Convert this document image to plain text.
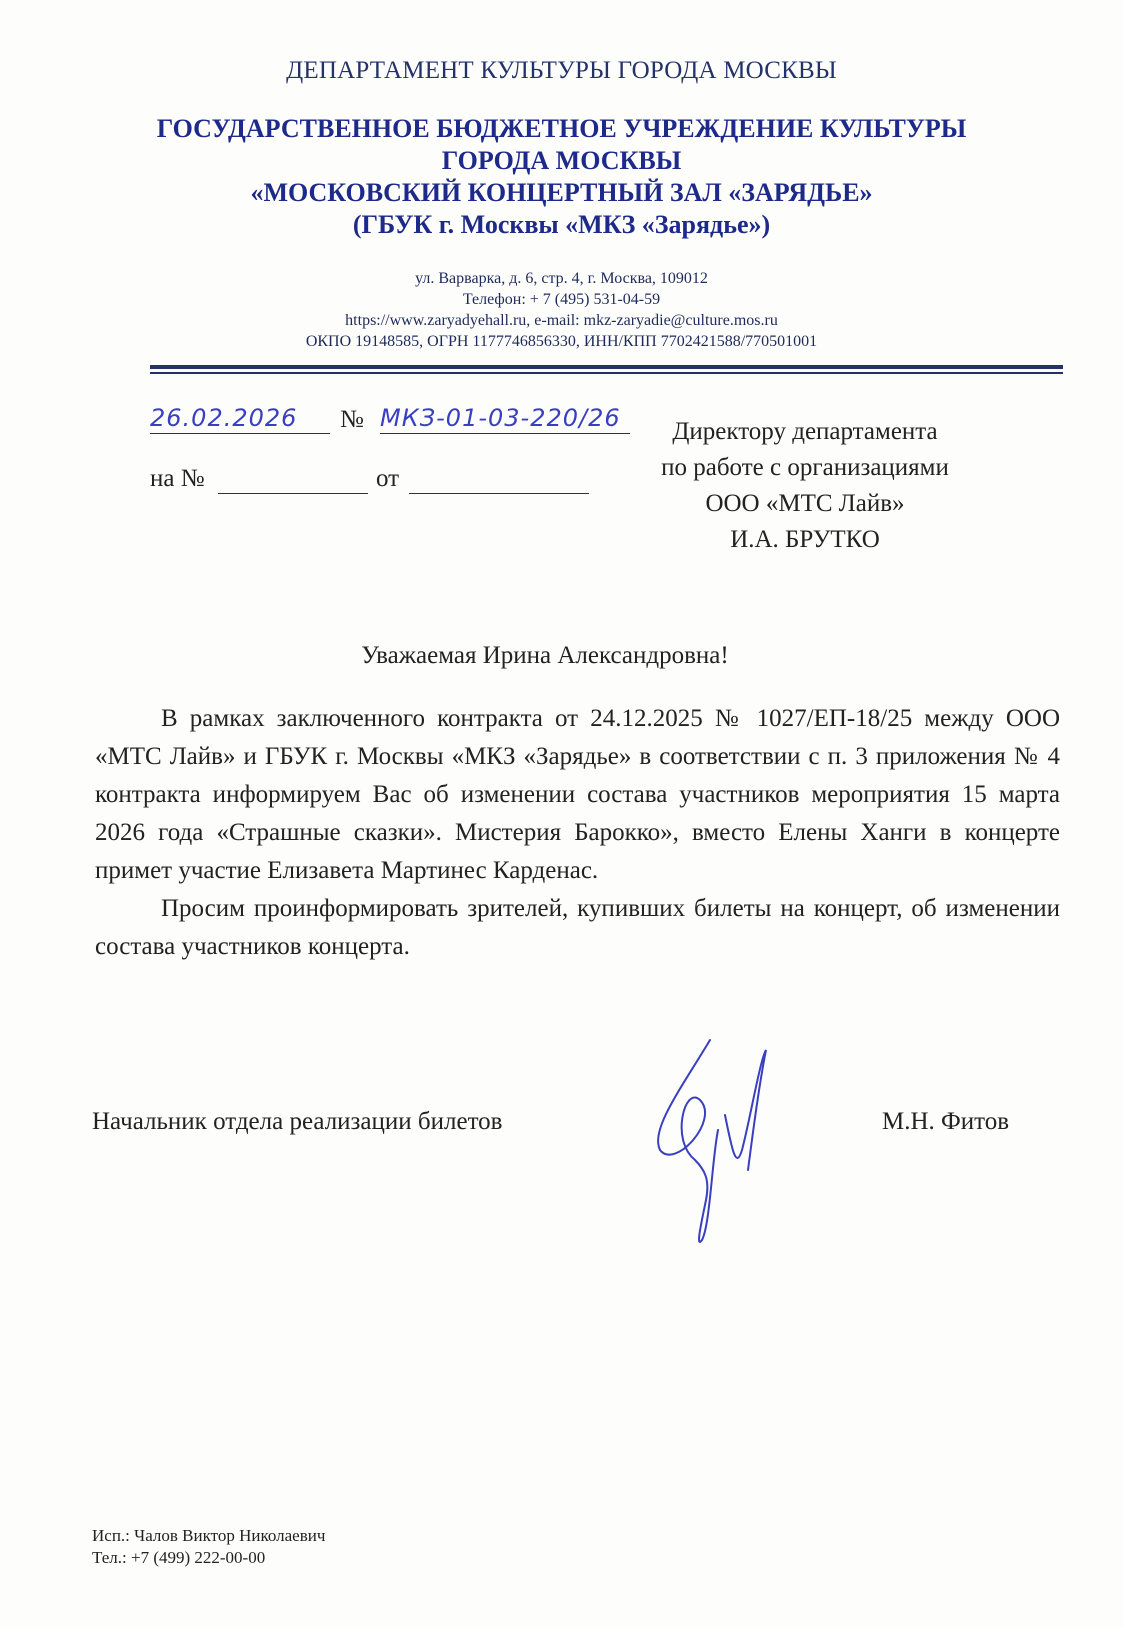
ДЕПАРТАМЕНТ КУЛЬТУРЫ ГОРОДА МОСКВЫ
ГОСУДАРСТВЕННОЕ БЮДЖЕТНОЕ УЧРЕЖДЕНИЕ КУЛЬТУРЫ
ГОРОДА МОСКВЫ
«МОСКОВСКИЙ КОНЦЕРТНЫЙ ЗАЛ «ЗАРЯДЬЕ»
(ГБУК г. Москвы «МКЗ «Зарядье»)
ул. Варварка, д. 6, стр. 4, г. Москва, 109012
Телефон: + 7 (495) 531-04-59
https://www.zaryadyehall.ru, e-mail: mkz-zaryadie@culture.mos.ru
ОКПО 19148585, ОГРН 1177746856330, ИНН/КПП 7702421588/770501001
26.02.2026	№ МКЗ-01-03-220/26
на №	от
Директору департамента
по работе с организациями
ООО «МТС Лайв»
И.А. БРУТКО
Уважаемая Ирина Александровна!

В рамках заключенного контракта от 24.12.2025 № 1027/ЕП-18/25 между ООО «МТС Лайв» и ГБУК г. Москвы «МКЗ «Зарядье» в соответствии с п. 3 приложения № 4 контракта информируем Вас об изменении состава участников мероприятия 15 марта 2026 года «Страшные сказки». Мистерия Барокко», вместо Елены Ханги в концерте примет участие Елизавета Мартинес Карденас.

Просим проинформировать зрителей, купивших билеты на концерт, об изменении состава участников концерта.

Начальник отдела реализации билетов	М.Н. Фитов
Исп.: Чалов Виктор Николаевич
Тел.: +7 (499) 222-00-00
